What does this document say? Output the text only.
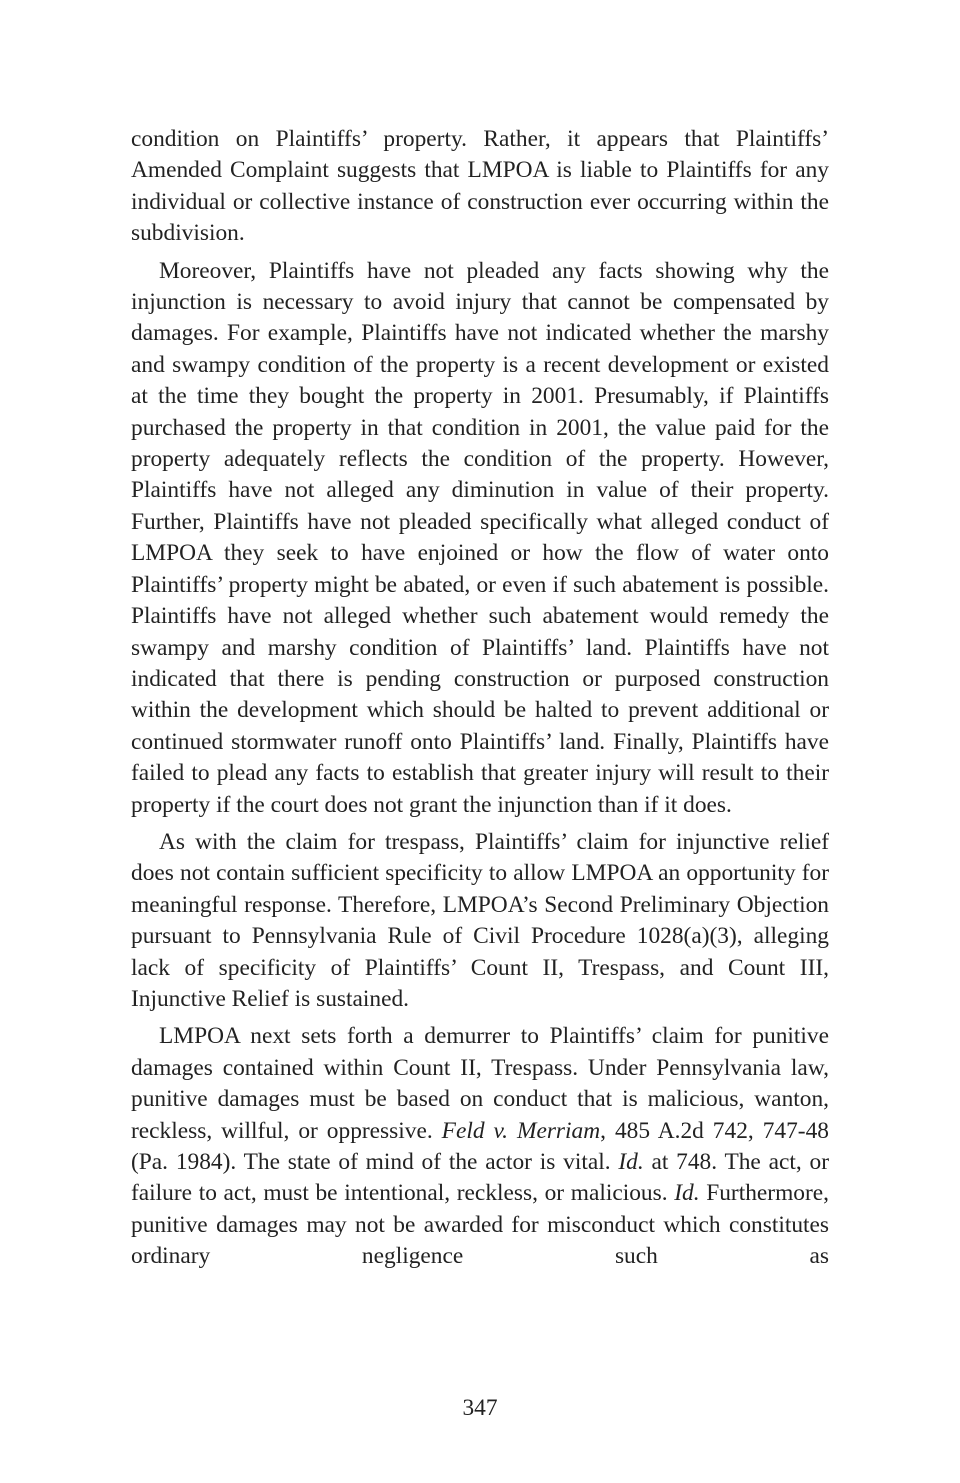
condition on Plaintiffs’ property. Rather, it appears that Plaintiffs’ Amended Complaint suggests that LMPOA is liable to Plaintiffs for any individual or collective instance of construction ever occurring within the subdivision.

Moreover, Plaintiffs have not pleaded any facts showing why the injunction is necessary to avoid injury that cannot be compensated by damages. For example, Plaintiffs have not indicated whether the marshy and swampy condition of the property is a recent development or existed at the time they bought the property in 2001. Presumably, if Plaintiffs purchased the property in that condition in 2001, the value paid for the property adequately reflects the condition of the property. However, Plaintiffs have not alleged any diminution in value of their property. Further, Plaintiffs have not pleaded specifically what alleged conduct of LMPOA they seek to have enjoined or how the flow of water onto Plaintiffs’ property might be abated, or even if such abatement is possible. Plaintiffs have not alleged whether such abatement would remedy the swampy and marshy condition of Plaintiffs’ land. Plaintiffs have not indicated that there is pending construction or purposed construction within the development which should be halted to prevent additional or continued stormwater runoff onto Plaintiffs’ land. Finally, Plaintiffs have failed to plead any facts to establish that greater injury will result to their property if the court does not grant the injunction than if it does.

As with the claim for trespass, Plaintiffs’ claim for injunctive relief does not contain sufficient specificity to allow LMPOA an opportunity for meaningful response. Therefore, LMPOA’s Second Preliminary Objection pursuant to Pennsylvania Rule of Civil Procedure 1028(a)(3), alleging lack of specificity of Plaintiffs’ Count II, Trespass, and Count III, Injunctive Relief is sustained.

LMPOA next sets forth a demurrer to Plaintiffs’ claim for punitive damages contained within Count II, Trespass. Under Pennsylvania law, punitive damages must be based on conduct that is malicious, wanton, reckless, willful, or oppressive. Feld v. Merriam, 485 A.2d 742, 747-48 (Pa. 1984). The state of mind of the actor is vital. Id. at 748. The act, or failure to act, must be intentional, reckless, or malicious. Id. Furthermore, punitive damages may not be awarded for misconduct which constitutes ordinary negligence such as

347
